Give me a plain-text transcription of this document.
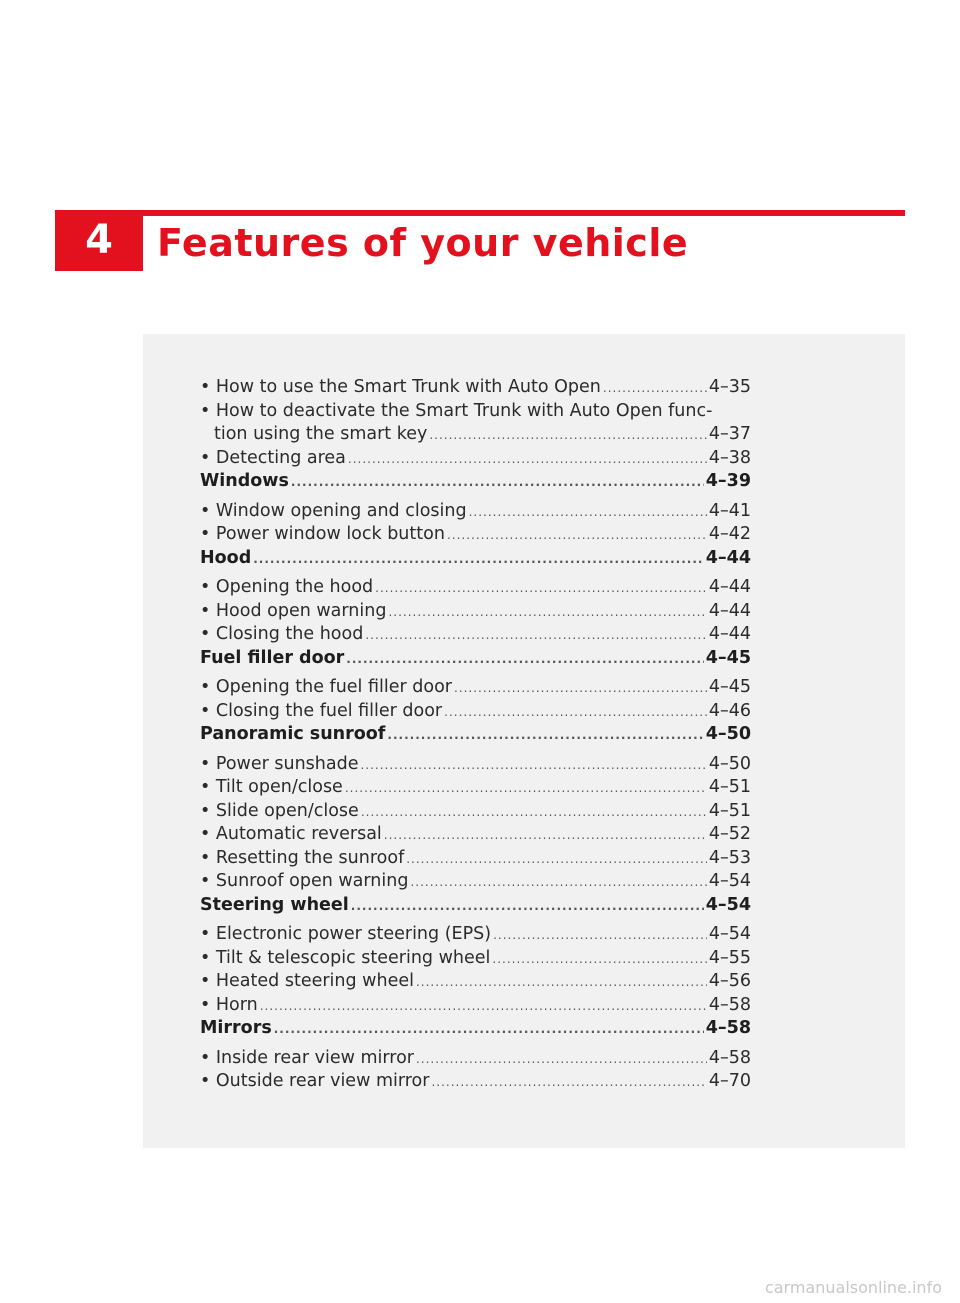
4	Features of your vehicle
• How to use the Smart Trunk with Auto Open .....	4–35
• How to deactivate the Smart Trunk with Auto Open func-
tion using the smart key .....	4–37
• Detecting area .....	4–38
Windows .....	4–39
• Window opening and closing .....	4–41
• Power window lock button .....	4–42
Hood .....	4–44
• Opening the hood .....	4–44
• Hood open warning .....	4–44
• Closing the hood .....	4–44
Fuel filler door .....	4–45
• Opening the fuel filler door .....	4–45
• Closing the fuel filler door .....	4–46
Panoramic sunroof .....	4–50
• Power sunshade .....	4–50
• Tilt open/close .....	4–51
• Slide open/close .....	4–51
• Automatic reversal .....	4–52
• Resetting the sunroof .....	4–53
• Sunroof open warning .....	4–54
Steering wheel .....	4–54
• Electronic power steering (EPS) .....	4–54
• Tilt & telescopic steering wheel .....	4–55
• Heated steering wheel .....	4–56
• Horn .....	4–58
Mirrors .....	4–58
• Inside rear view mirror .....	4–58
• Outside rear view mirror .....	4–70
carmanualsonline.info
